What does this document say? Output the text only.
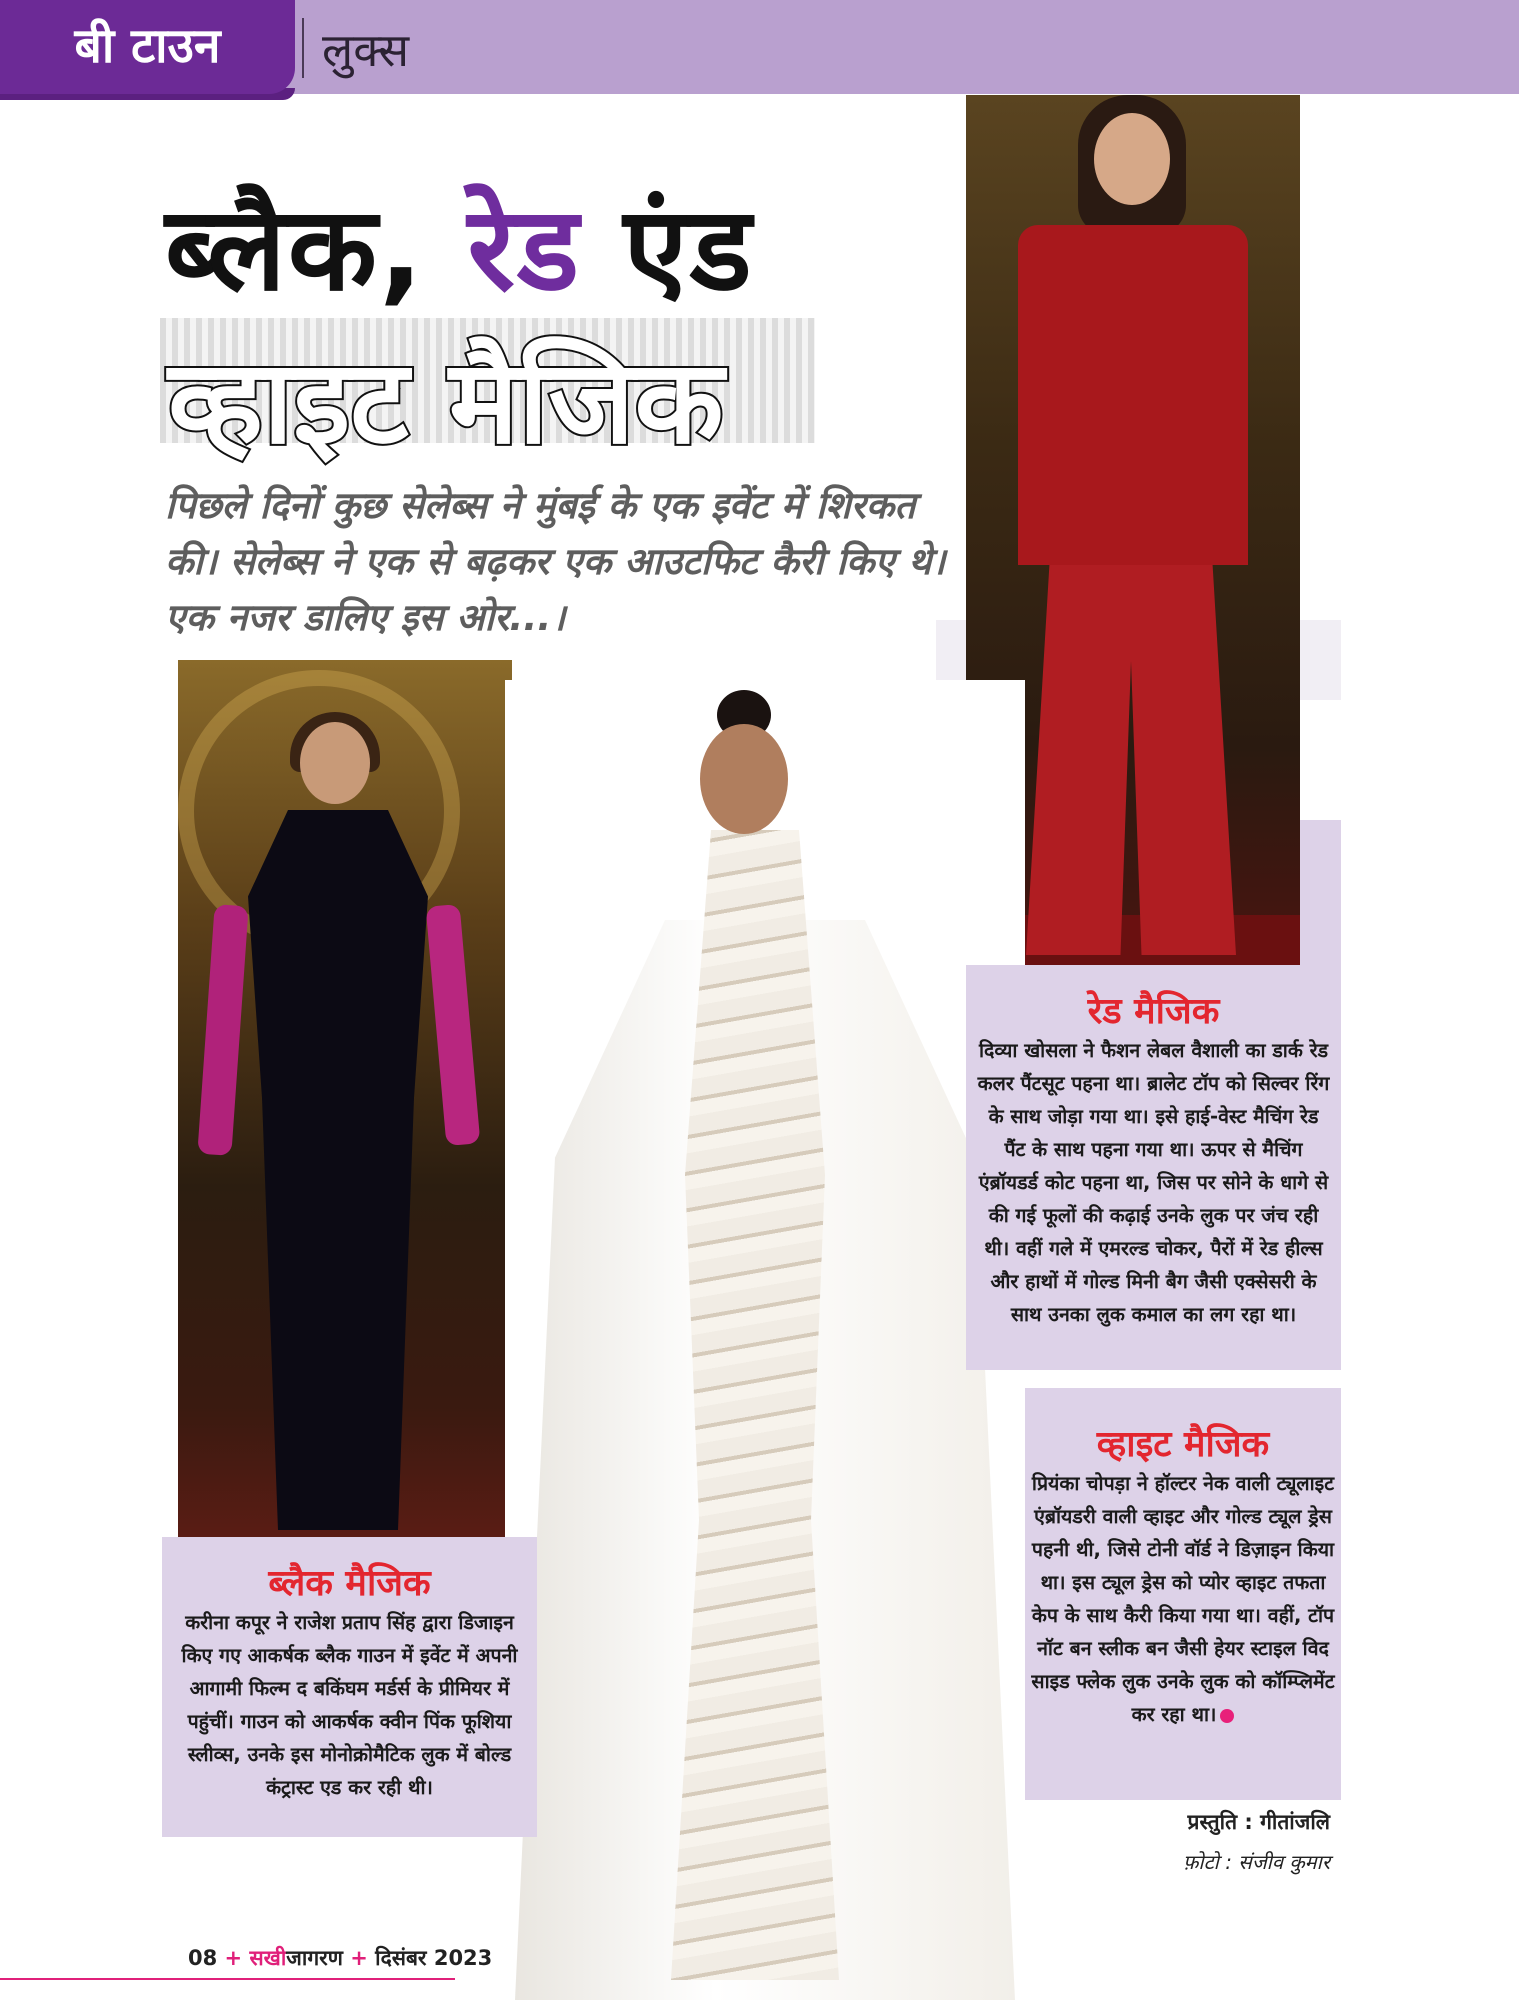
बी टाउन लुक्स
ब्लैक, रेड एंड
व्हाइट मैजिक
पिछले दिनों कुछ सेलेब्स ने मुंबई के एक इवेंट में शिरकत की। सेलेब्स ने एक से बढ़कर एक आउटफिट कैरी किए थे। एक नजर डालिए इस ओर...।
ब्लैक मैजिक

करीना कपूर ने राजेश प्रताप सिंह द्वारा डिजाइन किए गए आकर्षक ब्लैक गाउन में इवेंट में अपनी आगामी फिल्म द बकिंघम मर्डर्स के प्रीमियर में पहुंचीं। गाउन को आकर्षक क्वीन पिंक फूशिया स्लीव्स, उनके इस मोनोक्रोमैटिक लुक में बोल्ड कंट्रास्ट एड कर रही थी।

रेड मैजिक

दिव्या खोसला ने फैशन लेबल वैशाली का डार्क रेड कलर पैंटसूट पहना था। ब्रालेट टॉप को सिल्वर रिंग के साथ जोड़ा गया था। इसे हाई-वेस्ट मैचिंग रेड पैंट के साथ पहना गया था। ऊपर से मैचिंग एंब्रॉयडर्ड कोट पहना था, जिस पर सोने के धागे से की गई फूलों की कढ़ाई उनके लुक पर जंच रही थी। वहीं गले में एमरल्ड चोकर, पैरों में रेड हील्स और हाथों में गोल्ड मिनी बैग जैसी एक्सेसरी के साथ उनका लुक कमाल का लग रहा था।

व्हाइट मैजिक

प्रियंका चोपड़ा ने हॉल्टर नेक वाली ट्यूलाइट एंब्रॉयडरी वाली व्हाइट और गोल्ड ट्यूल ड्रेस पहनी थी, जिसे टोनी वॉर्ड ने डिज़ाइन किया था। इस ट्यूल ड्रेस को प्योर व्हाइट तफता केप के साथ कैरी किया गया था। वहीं, टॉप नॉट बन स्लीक बन जैसी हेयर स्टाइल विद साइड फ्लेक लुक उनके लुक को कॉम्प्लिमेंट कर रहा था।

प्रस्तुति : गीतांजलि
फ़ोटो : संजीव कुमार
08 + सखीजागरण + दिसंबर 2023
